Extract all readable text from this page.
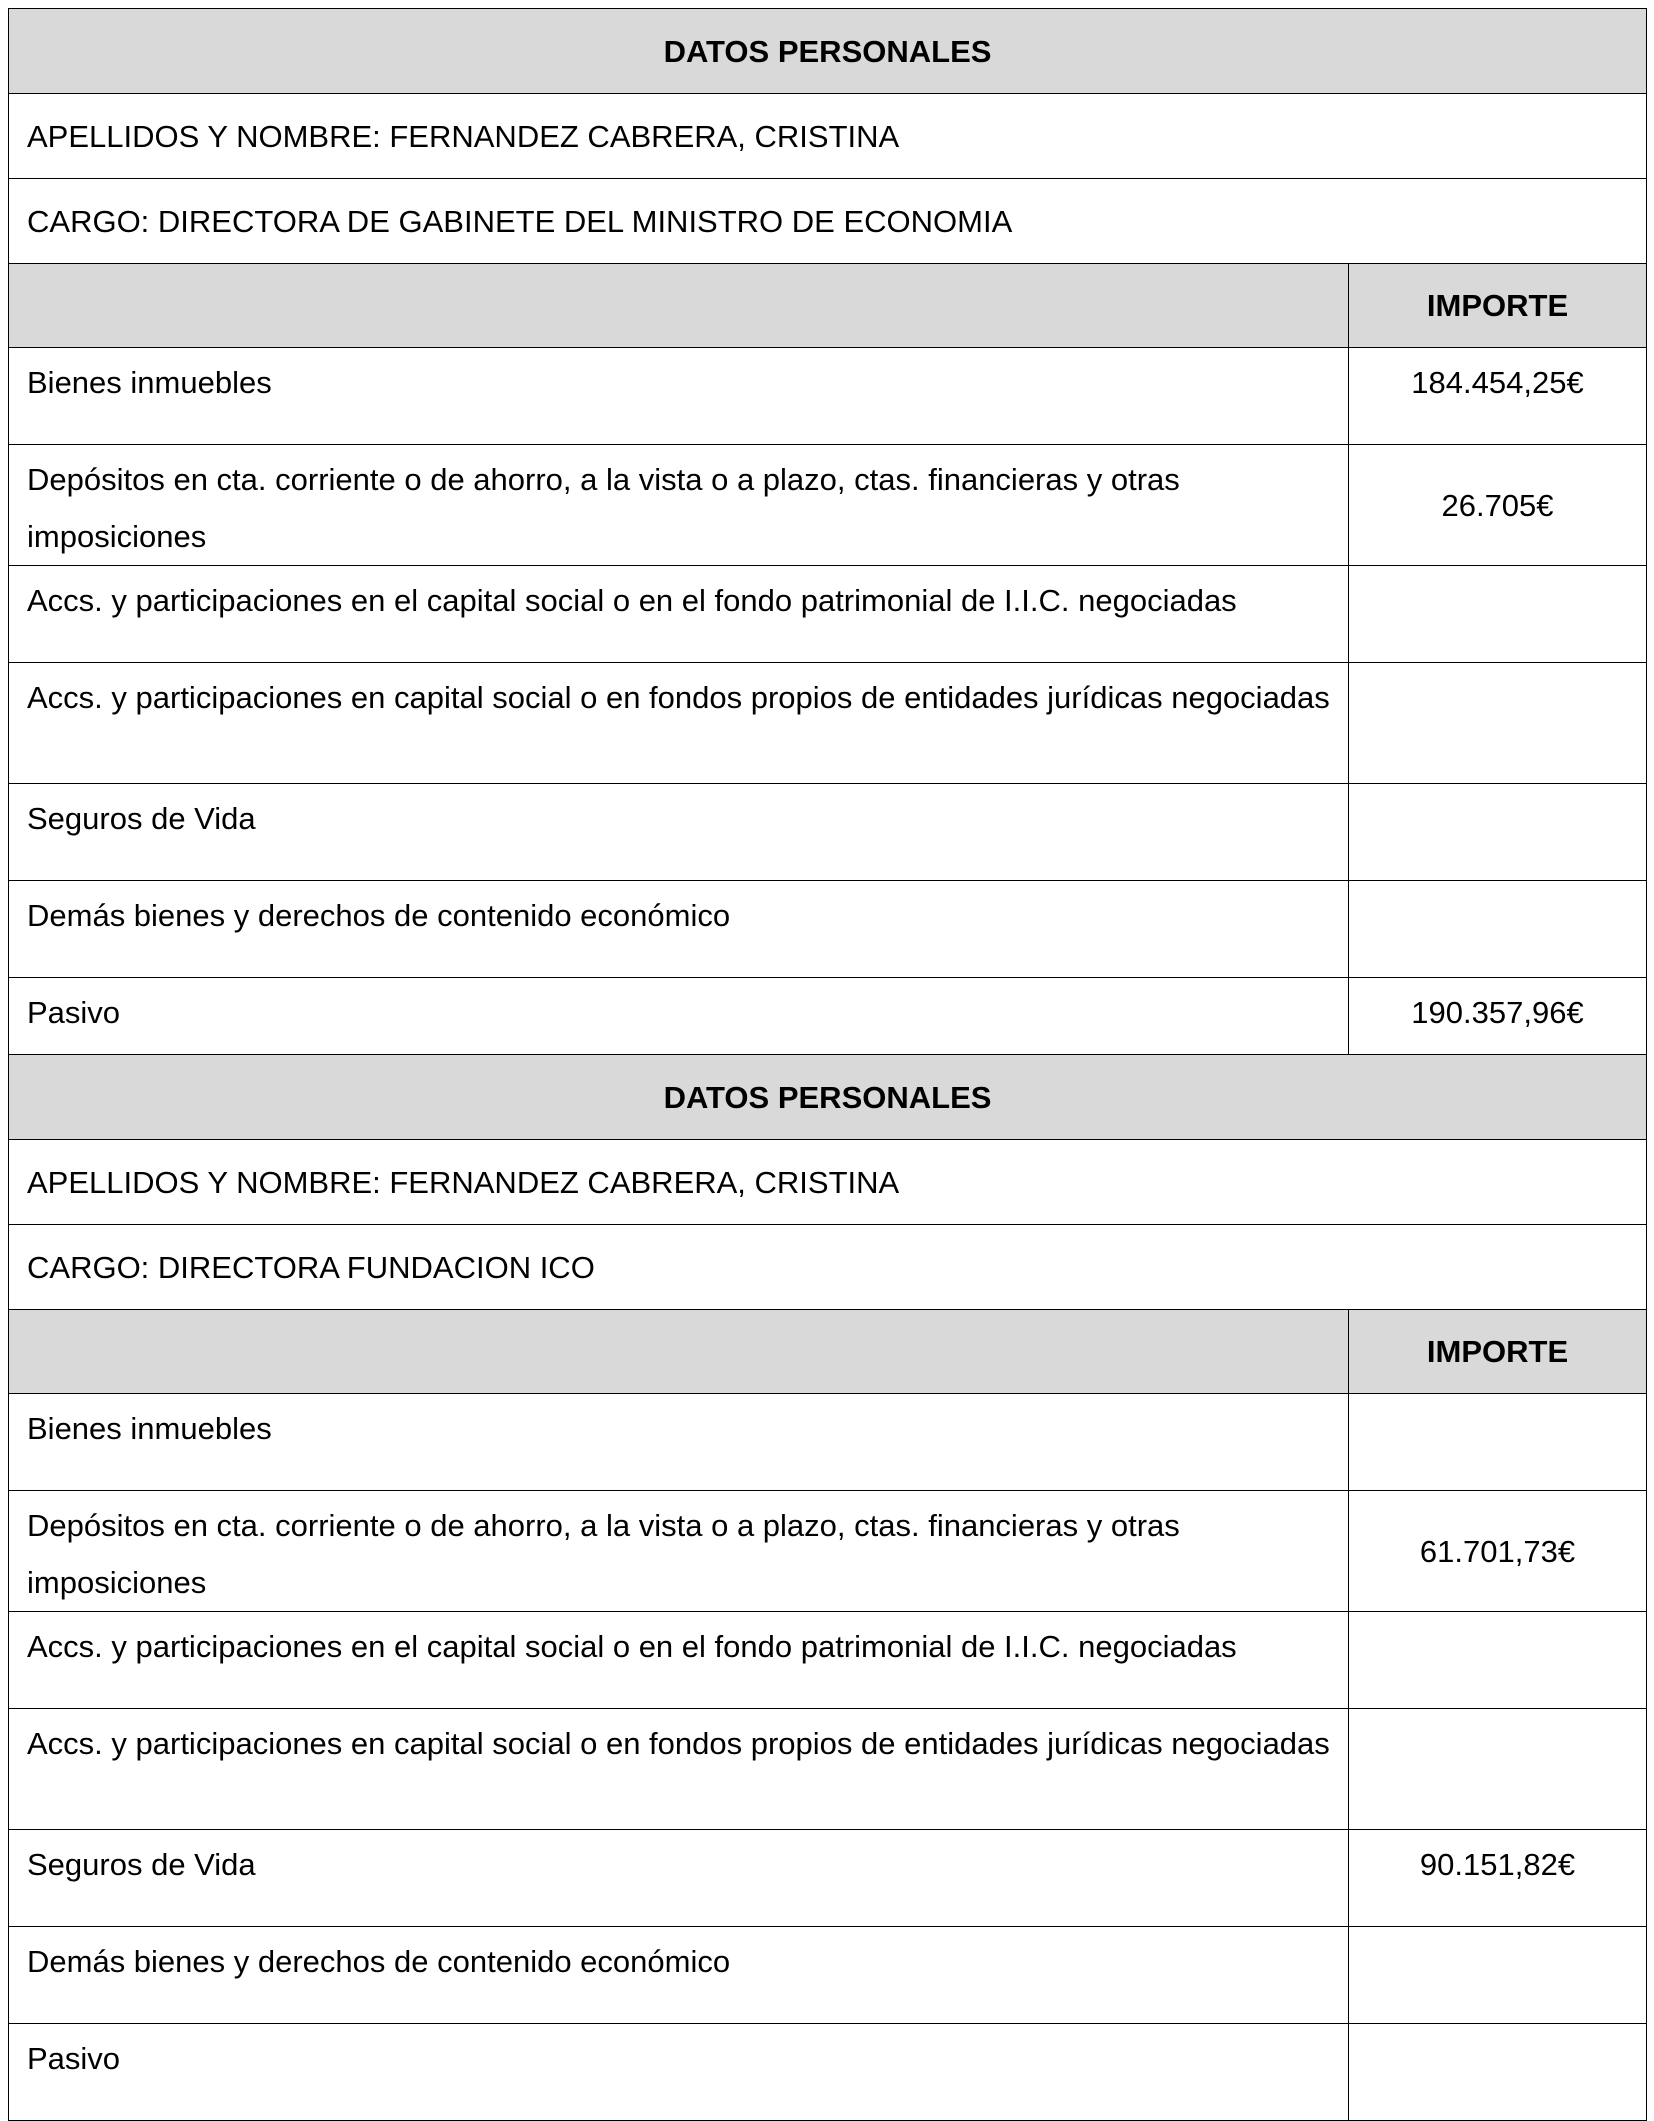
DATOS PERSONALES	
APELLIDOS Y NOMBRE: FERNANDEZ CABRERA, CRISTINA	
CARGO: DIRECTORA DE GABINETE DEL MINISTRO DE ECONOMIA	
	IMPORTE
Bienes inmuebles	184.454,25€
Depósitos en cta. corriente o de ahorro, a la vista o a plazo, ctas. financieras y otras imposiciones	26.705€
Accs. y participaciones en el capital social o en el fondo patrimonial de I.I.C. negociadas	
Accs. y participaciones en capital social o en fondos propios de entidades jurídicas negociadas	
Seguros de Vida	
Demás bienes y derechos de contenido económico	
Pasivo	190.357,96€
DATOS PERSONALES	
APELLIDOS Y NOMBRE: FERNANDEZ CABRERA, CRISTINA	
CARGO: DIRECTORA FUNDACION ICO	
	IMPORTE
Bienes inmuebles	
Depósitos en cta. corriente o de ahorro, a la vista o a plazo, ctas. financieras y otras imposiciones	61.701,73€
Accs. y participaciones en el capital social o en el fondo patrimonial de I.I.C. negociadas	
Accs. y participaciones en capital social o en fondos propios de entidades jurídicas negociadas	
Seguros de Vida	90.151,82€
Demás bienes y derechos de contenido económico	
Pasivo	
